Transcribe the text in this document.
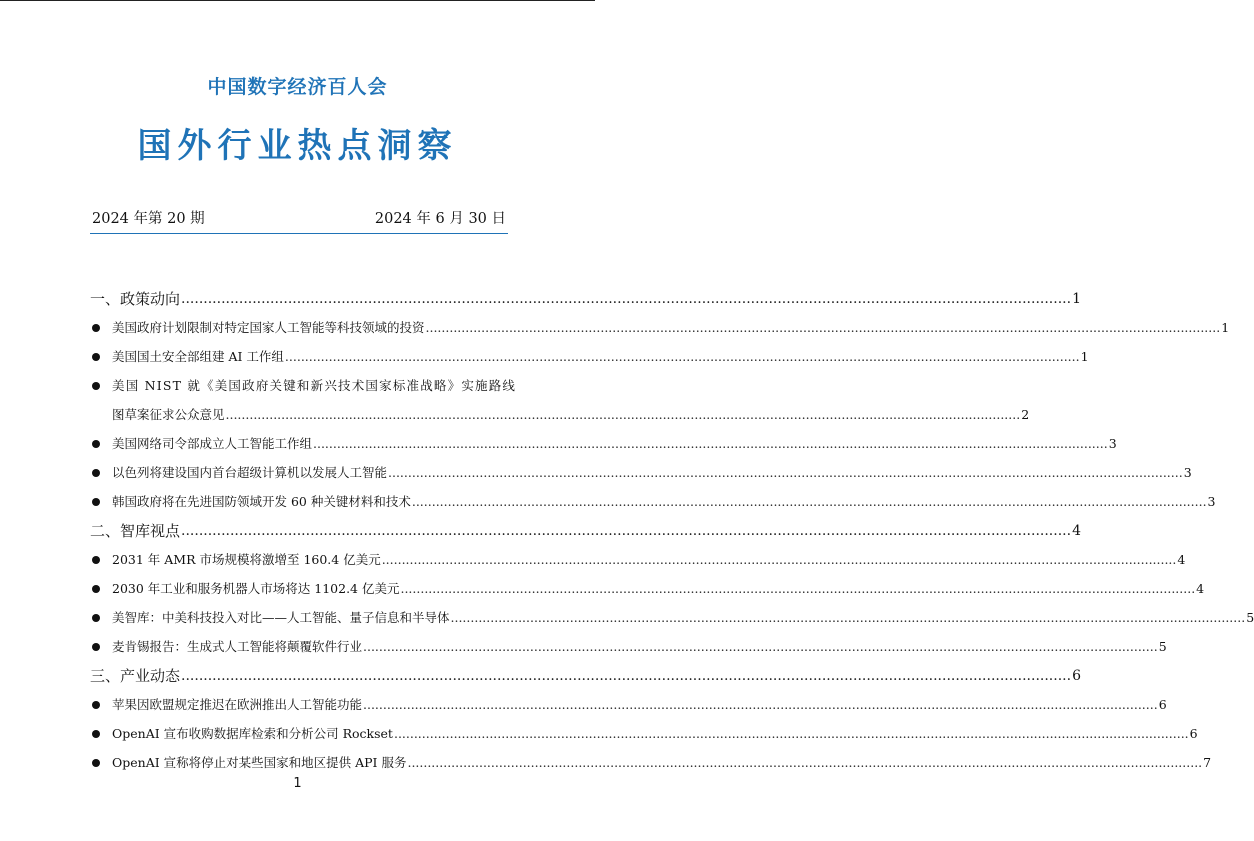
中国数字经济百人会
国外行业热点洞察
2024 年第 20 期	2024 年 6 月 30 日
一、政策动向 ........................................................................................................................................................................................................ 1
美国政府计划限制对特定国家人工智能等科技领域的投资 ........................................................................................................................................................................................................ 1
美国国土安全部组建 AI 工作组 ........................................................................................................................................................................................................ 1
美国 NIST 就《美国政府关键和新兴技术国家标准战略》实施路线
图草案征求公众意见 ........................................................................................................................................................................................................ 2
美国网络司令部成立人工智能工作组 ........................................................................................................................................................................................................ 3
以色列将建设国内首台超级计算机以发展人工智能 ........................................................................................................................................................................................................ 3
韩国政府将在先进国防领域开发 60 种关键材料和技术 ........................................................................................................................................................................................................ 3
二、智库视点 ........................................................................................................................................................................................................ 4
2031 年 AMR 市场规模将激增至 160.4 亿美元 ........................................................................................................................................................................................................ 4
2030 年工业和服务机器人市场将达 1102.4 亿美元 ........................................................................................................................................................................................................ 4
美智库：中美科技投入对比——人工智能、量子信息和半导体 ........................................................................................................................................................................................................ 5
麦肯锡报告：生成式人工智能将颠覆软件行业 ........................................................................................................................................................................................................ 5
三、产业动态 ........................................................................................................................................................................................................ 6
苹果因欧盟规定推迟在欧洲推出人工智能功能 ........................................................................................................................................................................................................ 6
OpenAI 宣布收购数据库检索和分析公司 Rockset ........................................................................................................................................................................................................ 6
OpenAI 宣称将停止对某些国家和地区提供 API 服务 ........................................................................................................................................................................................................ 7
1
